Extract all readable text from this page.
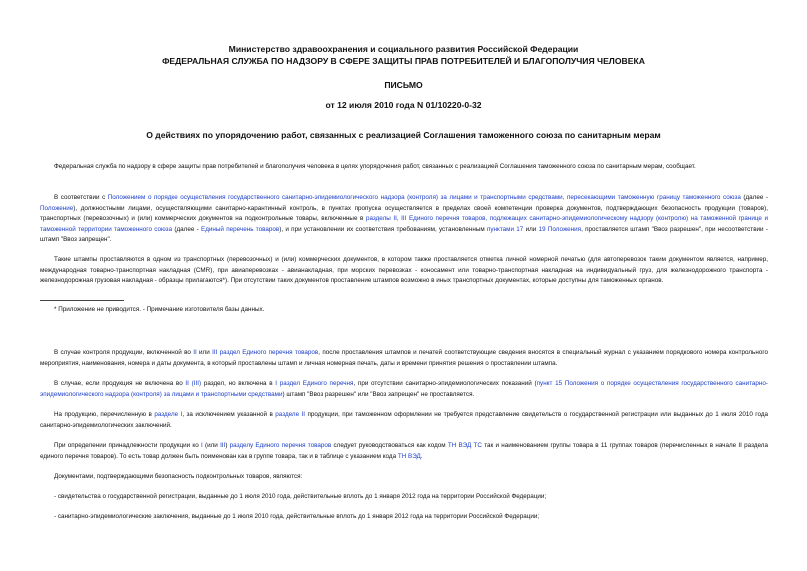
Министерство здравоохранения и социального развития Российской Федерации
ФЕДЕРАЛЬНАЯ СЛУЖБА ПО НАДЗОРУ В СФЕРЕ ЗАЩИТЫ ПРАВ ПОТРЕБИТЕЛЕЙ И БЛАГОПОЛУЧИЯ ЧЕЛОВЕКА
ПИСЬМО
от 12 июля 2010 года N 01/10220-0-32
О действиях по упорядочению работ, связанных с реализацией Соглашения таможенного союза по санитарным мерам
Федеральная служба по надзору в сфере защиты прав потребителей и благополучия человека в целях упорядочения работ, связанных с реализацией Соглашения таможенного союза по санитарным мерам, сообщает.
В соответствии с Положением о порядке осуществления государственного санитарно-эпидемиологического надзора (контроля) за лицами и транспортными средствами, пересекающими таможенную границу таможенного союза (далее - Положение), должностными лицами, осуществляющими санитарно-карантинный контроль, в пунктах пропуска осуществляется в пределах своей компетенции проверка документов, подтверждающих безопасность продукции (товаров), транспортных (перевозочных) и (или) коммерческих документов на подконтрольные товары, включенные в разделы II, III Единого перечня товаров, подлежащих санитарно-эпидемиологическому надзору (контролю) на таможенной границе и таможенной территории таможенного союза (далее - Единый перечень товаров), и при установлении их соответствия требованиям, установленным пунктами 17 или 19 Положения, проставляется штамп "Ввоз разрешен", при несоответствии - штамп "Ввоз запрещен".
Такие штампы проставляются в одном из транспортных (перевозочных) и (или) коммерческих документов, в котором также проставляется отметка личной номерной печатью (для автоперевозок таким документом является, например, международная товарно-транспортная накладная (CMR), при авиаперевозках - авианакладная, при морских перевозках - коносамент или товарно-транспортная накладная на индивидуальный груз, для железнодорожного транспорта - железнодорожная грузовая накладная - образцы прилагаются*). При отсутствии таких документов проставление штампов возможно в иных транспортных документах, которые доступны для таможенных органов.
* Приложение не приводится. - Примечание изготовителя базы данных.
В случае контроля продукции, включенной во II или III раздел Единого перечня товаров, после проставления штампов и печатей соответствующие сведения вносятся в специальный журнал с указанием порядкового номера контрольного мероприятия, наименования, номера и даты документа, в который проставлены штамп и личная номерная печать, даты и времени принятия решения о проставлении штампа.
В случае, если продукция не включена во II (III) раздел, но включена в I раздел Единого перечня, при отсутствии санитарно-эпидемиологических показаний (пункт 15 Положения о порядке осуществления государственного санитарно-эпидемиологического надзора (контроля) за лицами и транспортными средствами) штамп "Ввоз разрешен" или "Ввоз запрещен" не проставляется.
На продукцию, перечисленную в разделе I, за исключением указанной в разделе II продукции, при таможенном оформлении не требуется представление свидетельств о государственной регистрации или выданных до 1 июля 2010 года санитарно-эпидемиологических заключений.
При определении принадлежности продукции ко I (или III) разделу Единого перечня товаров следует руководствоваться как кодом ТН ВЭД ТС так и наименованием группы товара в 11 группах товаров (перечисленных в начале II раздела единого перечня товаров). То есть товар должен быть поименован как в группе товара, так и в таблице с указанием кода ТН ВЭД.
Документами, подтверждающими безопасность подконтрольных товаров, являются:
- свидетельства о государственной регистрации, выданные до 1 июля 2010 года, действительные вплоть до 1 января 2012 года на территории Российской Федерации;
- санитарно-эпидемиологические заключения, выданные до 1 июля 2010 года, действительные вплоть до 1 января 2012 года на территории Российской Федерации;
